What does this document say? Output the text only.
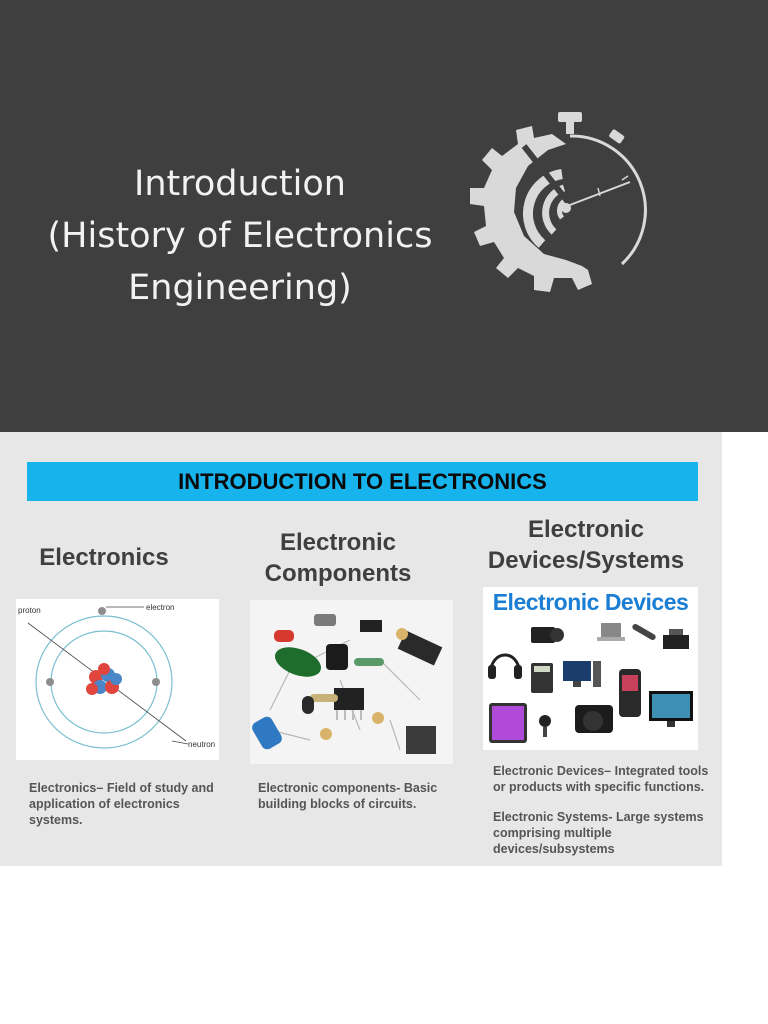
Introduction
(History of Electronics
Engineering)
INTRODUCTION TO ELECTRONICS
Electronics
proton	electron
neutron

Electronics– Field of study and application of electronics systems.

Electronic
Components

Electronic components- Basic building blocks of circuits.

Electronic
Devices/Systems
Electronic Devices

Electronic Devices– Integrated tools or products with specific functions.

Electronic Systems- Large systems comprising multiple devices/subsystems
